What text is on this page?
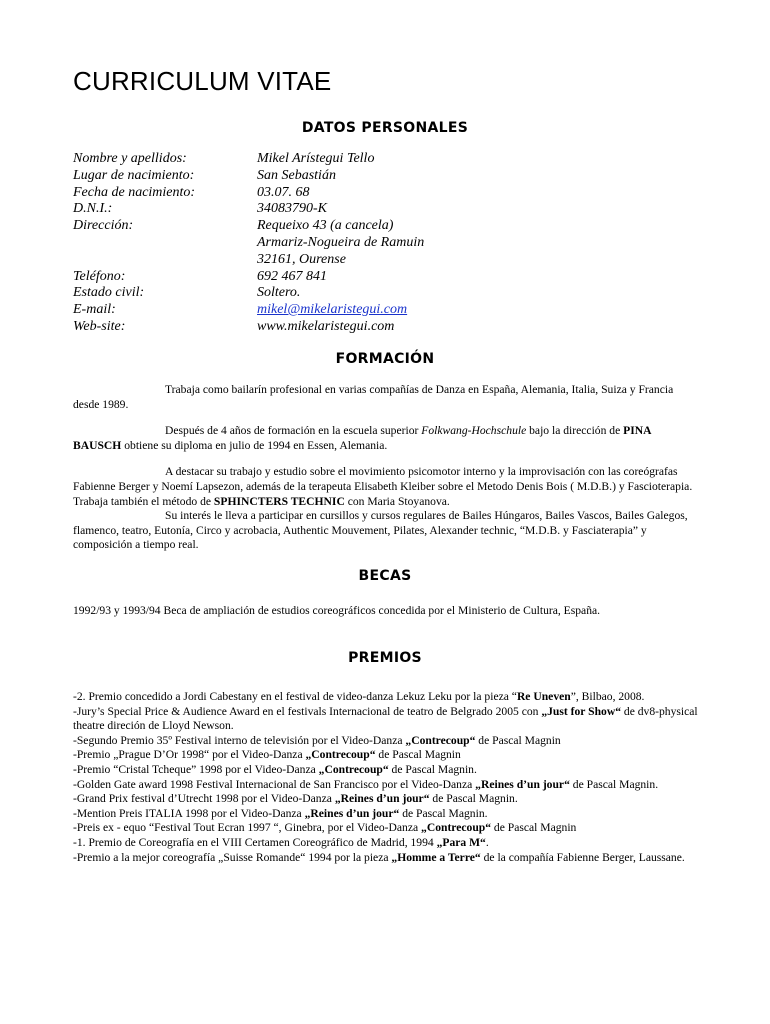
CURRICULUM VITAE
DATOS PERSONALES
Nombre y apellidos:	Mikel Arístegui Tello
Lugar de nacimiento:	San Sebastián
Fecha de nacimiento:	03.07. 68
D.N.I.:	34083790-K
Dirección:	Requeixo 43 (a cancela)
Armariz-Nogueira de Ramuin
32161, Ourense
Teléfono:	692 467 841
Estado civil:	Soltero.
E-mail:	mikel@mikelaristegui.com
Web-site:	www.mikelaristegui.com
FORMACIÓN

Trabaja como bailarín profesional en varias compañías de Danza en España, Alemania, Italia, Suiza y Francia desde 1989.

Después de 4 años de formación en la escuela superior Folkwang-Hochschule bajo la dirección de PINA BAUSCH obtiene su diploma en julio de 1994 en Essen, Alemania.

A destacar su trabajo y estudio sobre el movimiento psicomotor interno y la improvisación con las coreógrafas Fabienne Berger y Noemí Lapsezon, además de la terapeuta Elisabeth Kleiber sobre el Metodo Denis Bois ( M.D.B.) y Fascioterapia. Trabaja también el método de SPHINCTERS TECHNIC con Maria Stoyanova.

Su interés le lleva a participar en cursillos y cursos regulares de Bailes Húngaros, Bailes Vascos, Bailes Galegos, flamenco, teatro, Eutonía, Circo y acrobacia, Authentic Mouvement, Pilates, Alexander technic, “M.D.B. y Fasciaterapia” y composición a tiempo real.

BECAS

1992/93 y 1993/94 Beca de ampliación de estudios coreográficos concedida por el Ministerio de Cultura, España.

PREMIOS

-2. Premio concedido a Jordi Cabestany en el festival de video-danza Lekuz Leku por la pieza “Re Uneven”, Bilbao, 2008.

-Jury’s Special Price & Audience Award en el festivals Internacional de teatro de Belgrado 2005 con „Just for Show“ de dv8-physical theatre direción de Lloyd Newson.

-Segundo Premio 35º Festival interno de televisión por el Video-Danza „Contrecoup“ de Pascal Magnin

-Premio „Prague D’Or 1998“ por el Video-Danza „Contrecoup“ de Pascal Magnin

-Premio “Cristal Tcheque” 1998 por el Video-Danza „Contrecoup“ de Pascal Magnin.

-Golden Gate award 1998 Festival Internacional de San Francisco por el Video-Danza „Reines d’un jour“ de Pascal Magnin.

-Grand Prix festival d’Utrecht 1998 por el Video-Danza „Reines d’un jour“ de Pascal Magnin.

-Mention Preis ITALIA 1998 por el Video-Danza „Reines d’un jour“ de Pascal Magnin.

-Preis ex - equo “Festival Tout Ecran 1997 “, Ginebra, por el Video-Danza „Contrecoup“ de Pascal Magnin

-1. Premio de Coreografía en el VIII Certamen Coreográfico de Madrid, 1994 „Para M“.

-Premio a la mejor coreografía „Suisse Romande“ 1994 por la pieza „Homme a Terre“ de la compañía Fabienne Berger, Laussane.
